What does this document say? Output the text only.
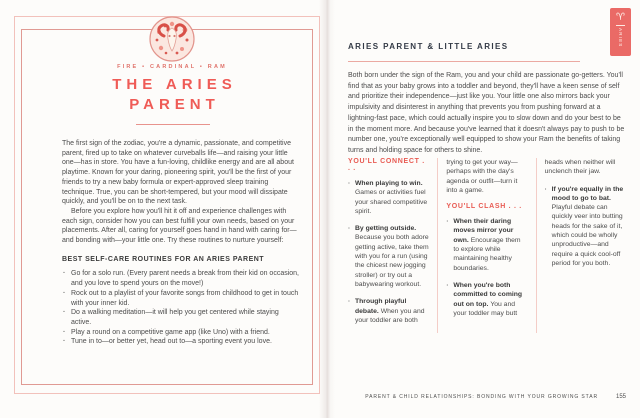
FIRE • CARDINAL • RAM
THE ARIES
PARENT

The first sign of the zodiac, you're a dynamic, passionate, and competitive parent, fired up to take on whatever curveballs life—and raising your little one—has in store. You have a fun-loving, childlike energy and are all about playtime. Known for your daring, pioneering spirit, you'll be the first of your friends to try a new baby formula or expert-approved sleep training technique. True, you can be short-tempered, but your mood will dissipate quickly, and you'll be on to the next task.

Before you explore how you'll hit it off and experience challenges with each sign, consider how you can best fulfill your own needs, based on your placements. After all, caring for yourself goes hand in hand with caring for—and bonding with—your little one. Try these routines to nurture yourself:

BEST SELF-CARE ROUTINES FOR AN ARIES PARENT
· Go for a solo run. (Every parent needs a break from their kid on occasion, and you love to spend yours on the move!)
· Rock out to a playlist of your favorite songs from childhood to get in touch with your inner kid.
· Do a walking meditation—it will help you get centered while staying active.
· Play a round on a competitive game app (like Uno) with a friend.
· Tune in to—or better yet, head out to—a sporting event you love.
♈
ARIES
ARIES PARENT & LITTLE ARIES

Both born under the sign of the Ram, you and your child are passionate go-getters. You'll find that as your baby grows into a toddler and beyond, they'll have a keen sense of self and prioritize their independence—just like you. Your little one also mirrors back your impulsivity and disinterest in anything that prevents you from pushing forward at a lightning-fast pace, which could actually inspire you to slow down and do your best to be in the moment more. And because you've learned that it doesn't always pay to push to be number one, you're exceptionally well equipped to show your Ram the benefits of taking turns and holding space for others to shine.

YOU'LL CONNECT . . .

· When playing to win. Games or activities fuel your shared competitive spirit.

· By getting outside. Because you both adore getting active, take them with you for a run (using the chicest new jogging stroller) or try out a babywearing workout.

· Through playful debate. When you and your toddler are both

trying to get your way—perhaps with the day's agenda or outfit—turn it into a game.

YOU'LL CLASH . . .

· When their daring moves mirror your own. Encourage them to explore while maintaining healthy boundaries.

· When you're both committed to coming out on top. You and your toddler may butt

heads when neither will unclench their jaw.

· If you're equally in the mood to go to bat. Playful debate can quickly veer into butting heads for the sake of it, which could be wholly unproductive—and require a quick cool-off period for you both.

PARENT & CHILD RELATIONSHIPS: BONDING WITH YOUR GROWING STAR	155
